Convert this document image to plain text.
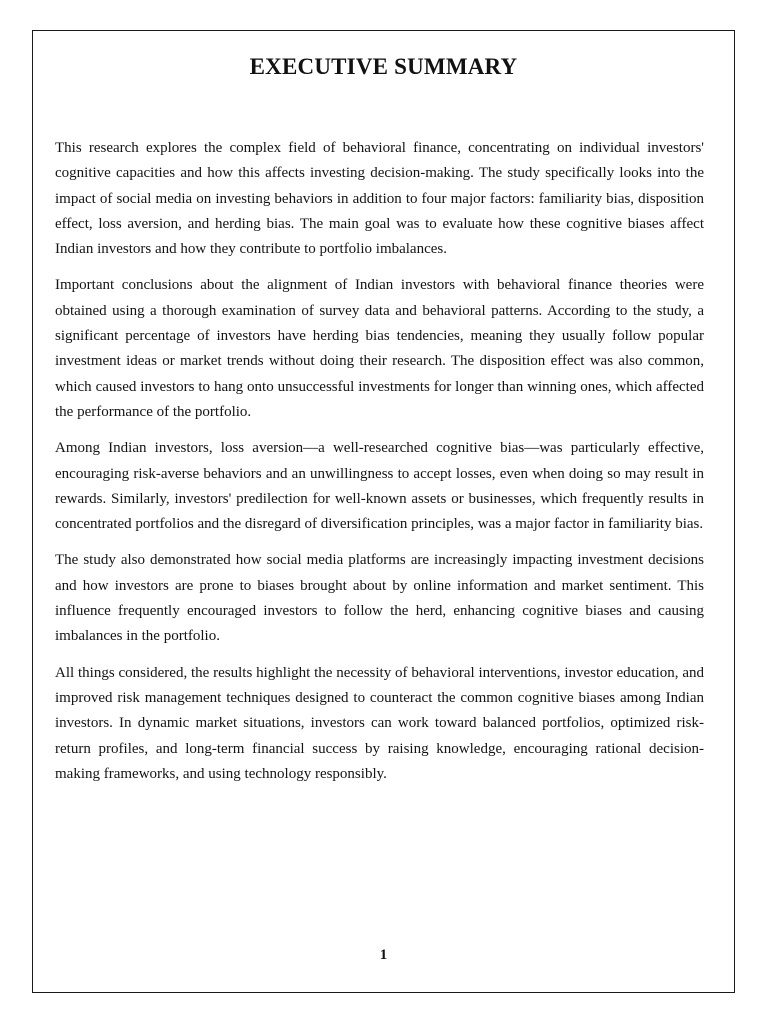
EXECUTIVE SUMMARY

This research explores the complex field of behavioral finance, concentrating on individual investors' cognitive capacities and how this affects investing decision-making. The study specifically looks into the impact of social media on investing behaviors in addition to four major factors: familiarity bias, disposition effect, loss aversion, and herding bias. The main goal was to evaluate how these cognitive biases affect Indian investors and how they contribute to portfolio imbalances.

Important conclusions about the alignment of Indian investors with behavioral finance theories were obtained using a thorough examination of survey data and behavioral patterns. According to the study, a significant percentage of investors have herding bias tendencies, meaning they usually follow popular investment ideas or market trends without doing their research. The disposition effect was also common, which caused investors to hang onto unsuccessful investments for longer than winning ones, which affected the performance of the portfolio.

Among Indian investors, loss aversion—a well-researched cognitive bias—was particularly effective, encouraging risk-averse behaviors and an unwillingness to accept losses, even when doing so may result in rewards. Similarly, investors' predilection for well-known assets or businesses, which frequently results in concentrated portfolios and the disregard of diversification principles, was a major factor in familiarity bias.

The study also demonstrated how social media platforms are increasingly impacting investment decisions and how investors are prone to biases brought about by online information and market sentiment. This influence frequently encouraged investors to follow the herd, enhancing cognitive biases and causing imbalances in the portfolio.

All things considered, the results highlight the necessity of behavioral interventions, investor education, and improved risk management techniques designed to counteract the common cognitive biases among Indian investors. In dynamic market situations, investors can work toward balanced portfolios, optimized risk-return profiles, and long-term financial success by raising knowledge, encouraging rational decision-making frameworks, and using technology responsibly.

1
